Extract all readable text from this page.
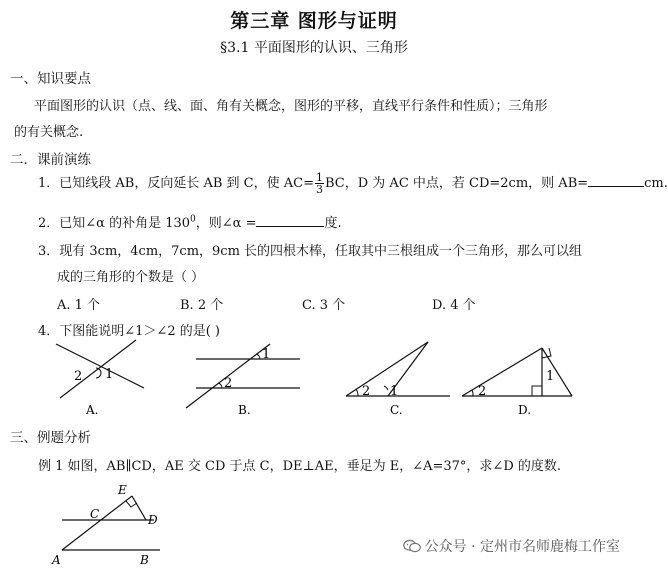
第三章 图形与证明
§3.1 平面图形的认识、三角形
一、知识要点
平面图形的认识（点、线、面、角有关概念，图形的平移，直线平行条件和性质）；三角形
的有关概念.
二．课前演练
1．已知线段 AB，反向延长 AB 到 C，使 $AC= \frac{1}{3}$ BC，D 为 AC 中点，若 CD=2cm，则 AB=	cm.
2．已知∠α 的补角是 $130^0$，则∠α =	度.
3．现有 3cm，4cm，7cm，9cm 长的四根木棒，任取其中三根组成一个三角形，那么可以组
成的三角形的个数是（ ）
A. 1 个	B. 2 个	C. 3 个	D. 4 个
4．下图能说明∠1＞∠2 的是( )
2 1
A.
1
2
B.
2 1
C.
2
1
D.
三、例题分析
例 1 如图，AB∥CD，AE 交 CD 于点 C，DE⊥AE，垂足为 E，∠A=37°，求∠D 的度数.
E
C	D
A	B
公众号 · 定州市名师鹿梅工作室
